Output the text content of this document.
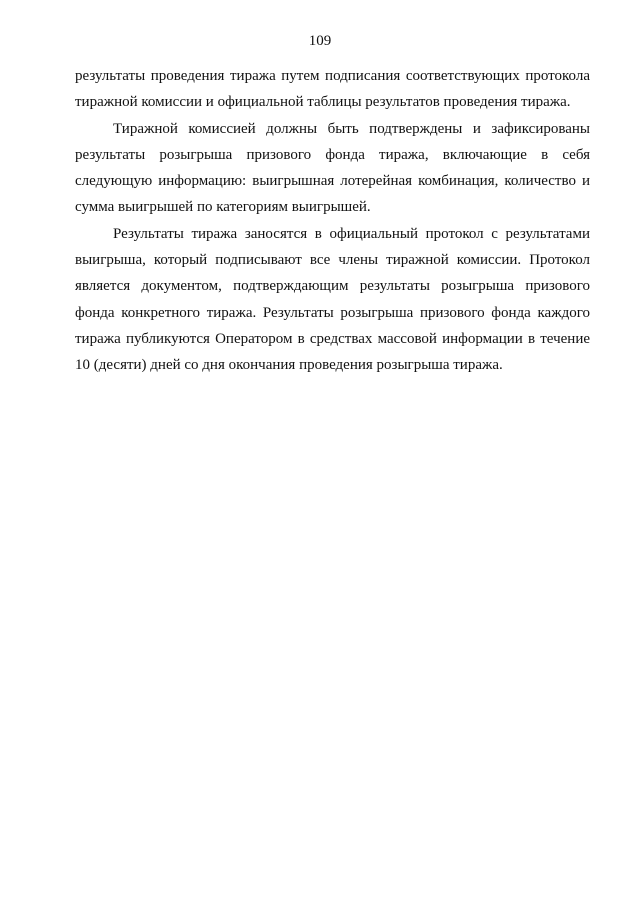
109

результаты проведения тиража путем подписания соответствующих протокола
тиражной комиссии и официальной таблицы результатов проведения тиража.

Тиражной комиссией должны быть подтверждены и зафиксированы
результаты розыгрыша призового фонда тиража, включающие в себя
следующую информацию: выигрышная лотерейная комбинация, количество и
сумма выигрышей по категориям выигрышей.

Результаты тиража заносятся в официальный протокол с результатами
выигрыша, который подписывают все члены тиражной комиссии. Протокол
является документом, подтверждающим результаты розыгрыша призового
фонда конкретного тиража. Результаты розыгрыша призового фонда каждого
тиража публикуются Оператором в средствах массовой информации в течение
10 (десяти) дней со дня окончания проведения розыгрыша тиража.
